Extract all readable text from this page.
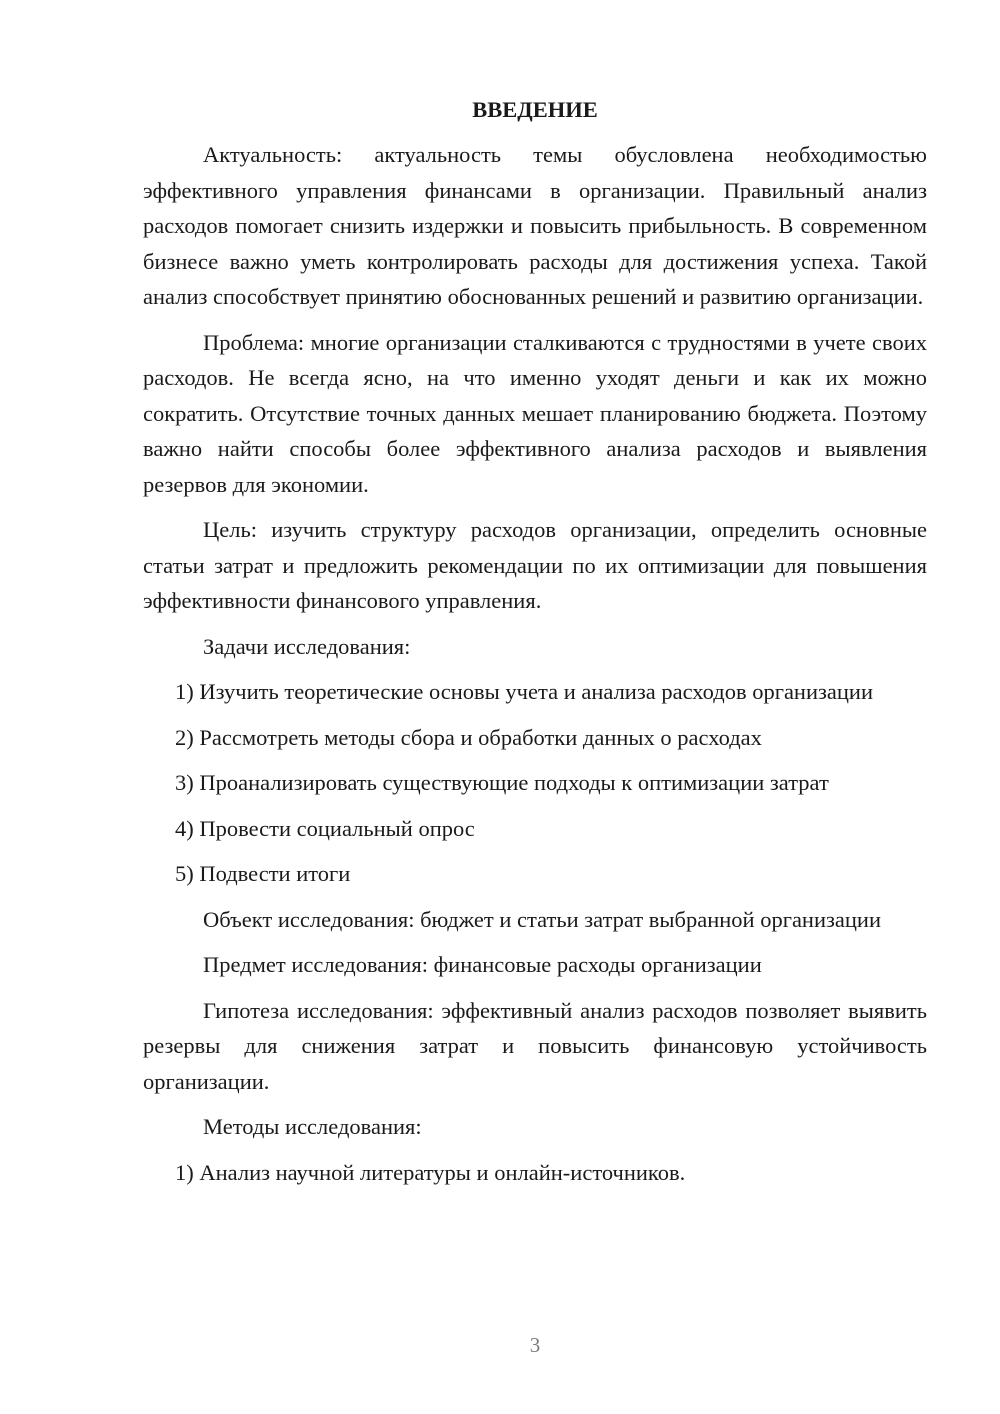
ВВЕДЕНИЕ

Актуальность: актуальность темы обусловлена необходимостью эффективного управления финансами в организации. Правильный анализ расходов помогает снизить издержки и повысить прибыльность. В современном бизнесе важно уметь контролировать расходы для достижения успеха. Такой анализ способствует принятию обоснованных решений и развитию организации.

Проблема: многие организации сталкиваются с трудностями в учете своих расходов. Не всегда ясно, на что именно уходят деньги и как их можно сократить. Отсутствие точных данных мешает планированию бюджета. Поэтому важно найти способы более эффективного анализа расходов и выявления резервов для экономии.

Цель: изучить структуру расходов организации, определить основные статьи затрат и предложить рекомендации по их оптимизации для повышения эффективности финансового управления.

Задачи исследования:

1) Изучить теоретические основы учета и анализа расходов организации

2) Рассмотреть методы сбора и обработки данных о расходах

3) Проанализировать существующие подходы к оптимизации затрат

4) Провести социальный опрос

5) Подвести итоги

Объект исследования: бюджет и статьи затрат выбранной организации

Предмет исследования: финансовые расходы организации

Гипотеза исследования: эффективный анализ расходов позволяет выявить резервы для снижения затрат и повысить финансовую устойчивость организации.

Методы исследования:

1) Анализ научной литературы и онлайн-источников.

3
